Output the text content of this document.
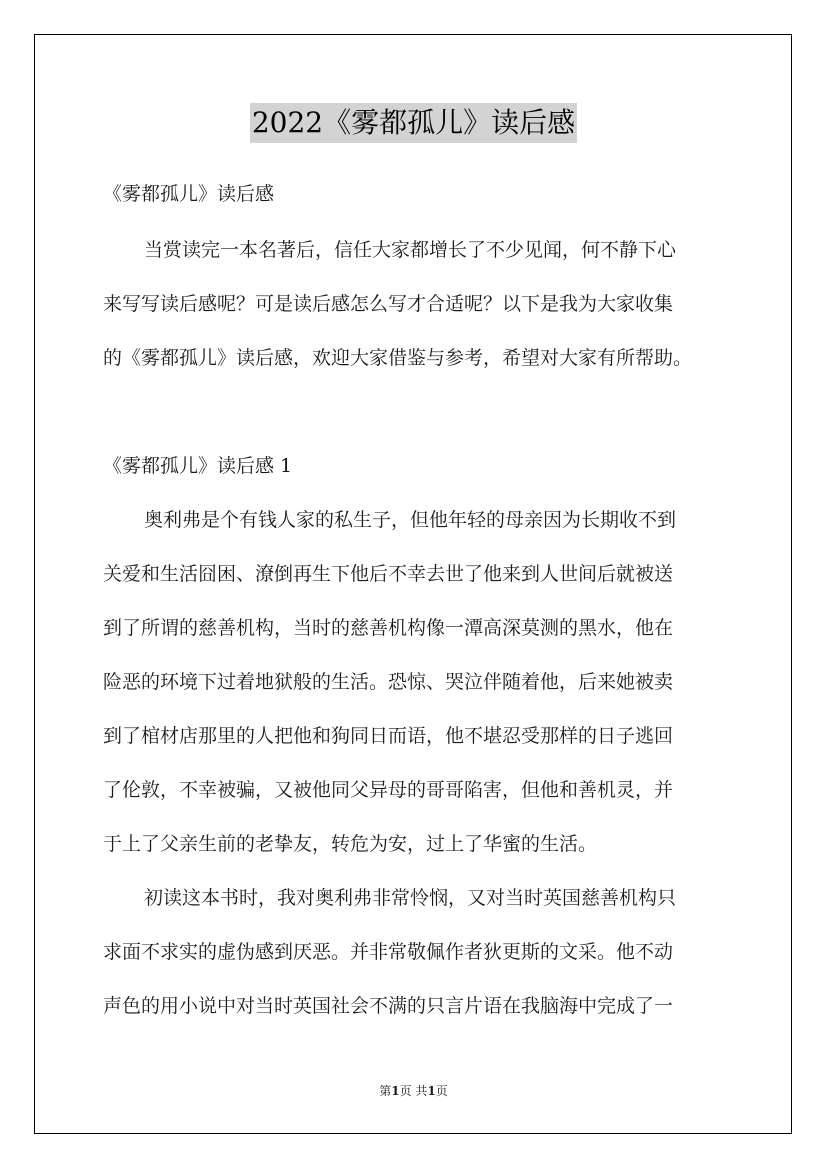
2022《雾都孤儿》读后感
《雾都孤儿》读后感
当赏读完一本名著后，信任大家都增长了不少见闻，何不静下心
来写写读后感呢？可是读后感怎么写才合适呢？以下是我为大家收集
的《雾都孤儿》读后感，欢迎大家借鉴与参考，希望对大家有所帮助。
《雾都孤儿》读后感 1
奥利弗是个有钱人家的私生子，但他年轻的母亲因为长期收不到
关爱和生活囧困、潦倒再生下他后不幸去世了他来到人世间后就被送
到了所谓的慈善机构，当时的慈善机构像一潭高深莫测的黑水，他在
险恶的环境下过着地狱般的生活。恐惊、哭泣伴随着他，后来她被卖
到了棺材店那里的人把他和狗同日而语，他不堪忍受那样的日子逃回
了伦敦，不幸被骗，又被他同父异母的哥哥陷害，但他和善机灵，并
于上了父亲生前的老挚友，转危为安，过上了华蜜的生活。
初读这本书时，我对奥利弗非常怜悯，又对当时英国慈善机构只
求面不求实的虚伪感到厌恶。并非常敬佩作者狄更斯的文采。他不动
声色的用小说中对当时英国社会不满的只言片语在我脑海中完成了一
第1页 共1页
